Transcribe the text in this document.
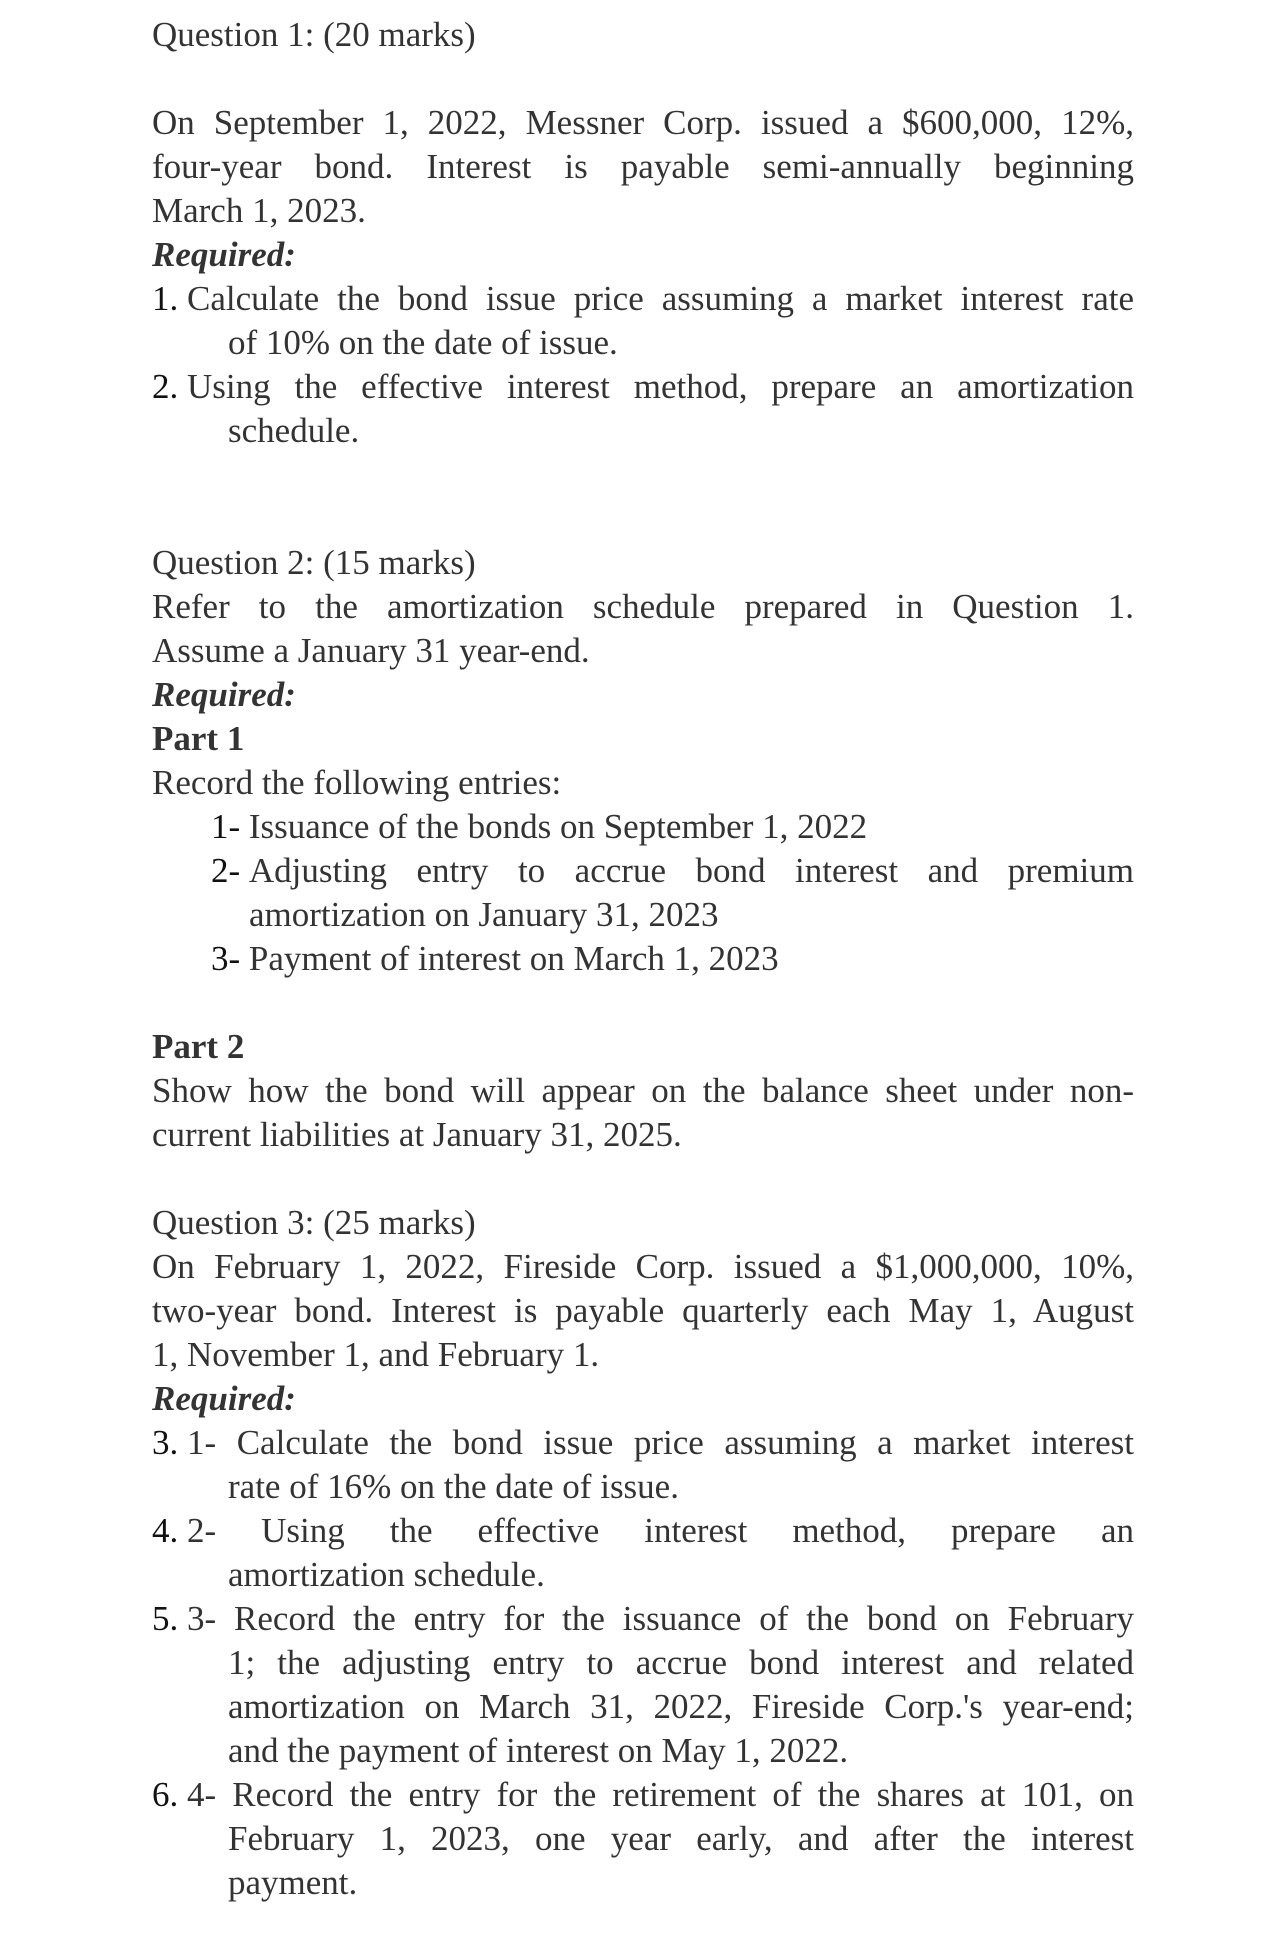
Question 1: (20 marks)
On September 1, 2022, Messner Corp. issued a $600,000, 12%,
four-year bond. Interest is payable semi-annually beginning
March 1, 2023.
Required:
1.
Calculate the bond issue price assuming a market interest rate
of 10% on the date of issue.
2.
Using the effective interest method, prepare an amortization
schedule.
Question 2: (15 marks)
Refer to the amortization schedule prepared in Question 1.
Assume a January 31 year-end.
Required:
Part 1
Record the following entries:
1-
Issuance of the bonds on September 1, 2022
2-
Adjusting entry to accrue bond interest and premium
amortization on January 31, 2023
3-
Payment of interest on March 1, 2023
Part 2
Show how the bond will appear on the balance sheet under non-
current liabilities at January 31, 2025.
Question 3: (25 marks)
On February 1, 2022, Fireside Corp. issued a $1,000,000, 10%,
two-year bond. Interest is payable quarterly each May 1, August
1, November 1, and February 1.
Required:
3.
1- Calculate the bond issue price assuming a market interest
rate of 16% on the date of issue.
4.
2- Using the effective interest method, prepare an
amortization schedule.
5.
3- Record the entry for the issuance of the bond on February
1; the adjusting entry to accrue bond interest and related
amortization on March 31, 2022, Fireside Corp.'s year-end;
and the payment of interest on May 1, 2022.
6.
4- Record the entry for the retirement of the shares at 101, on
February 1, 2023, one year early, and after the interest
payment.
